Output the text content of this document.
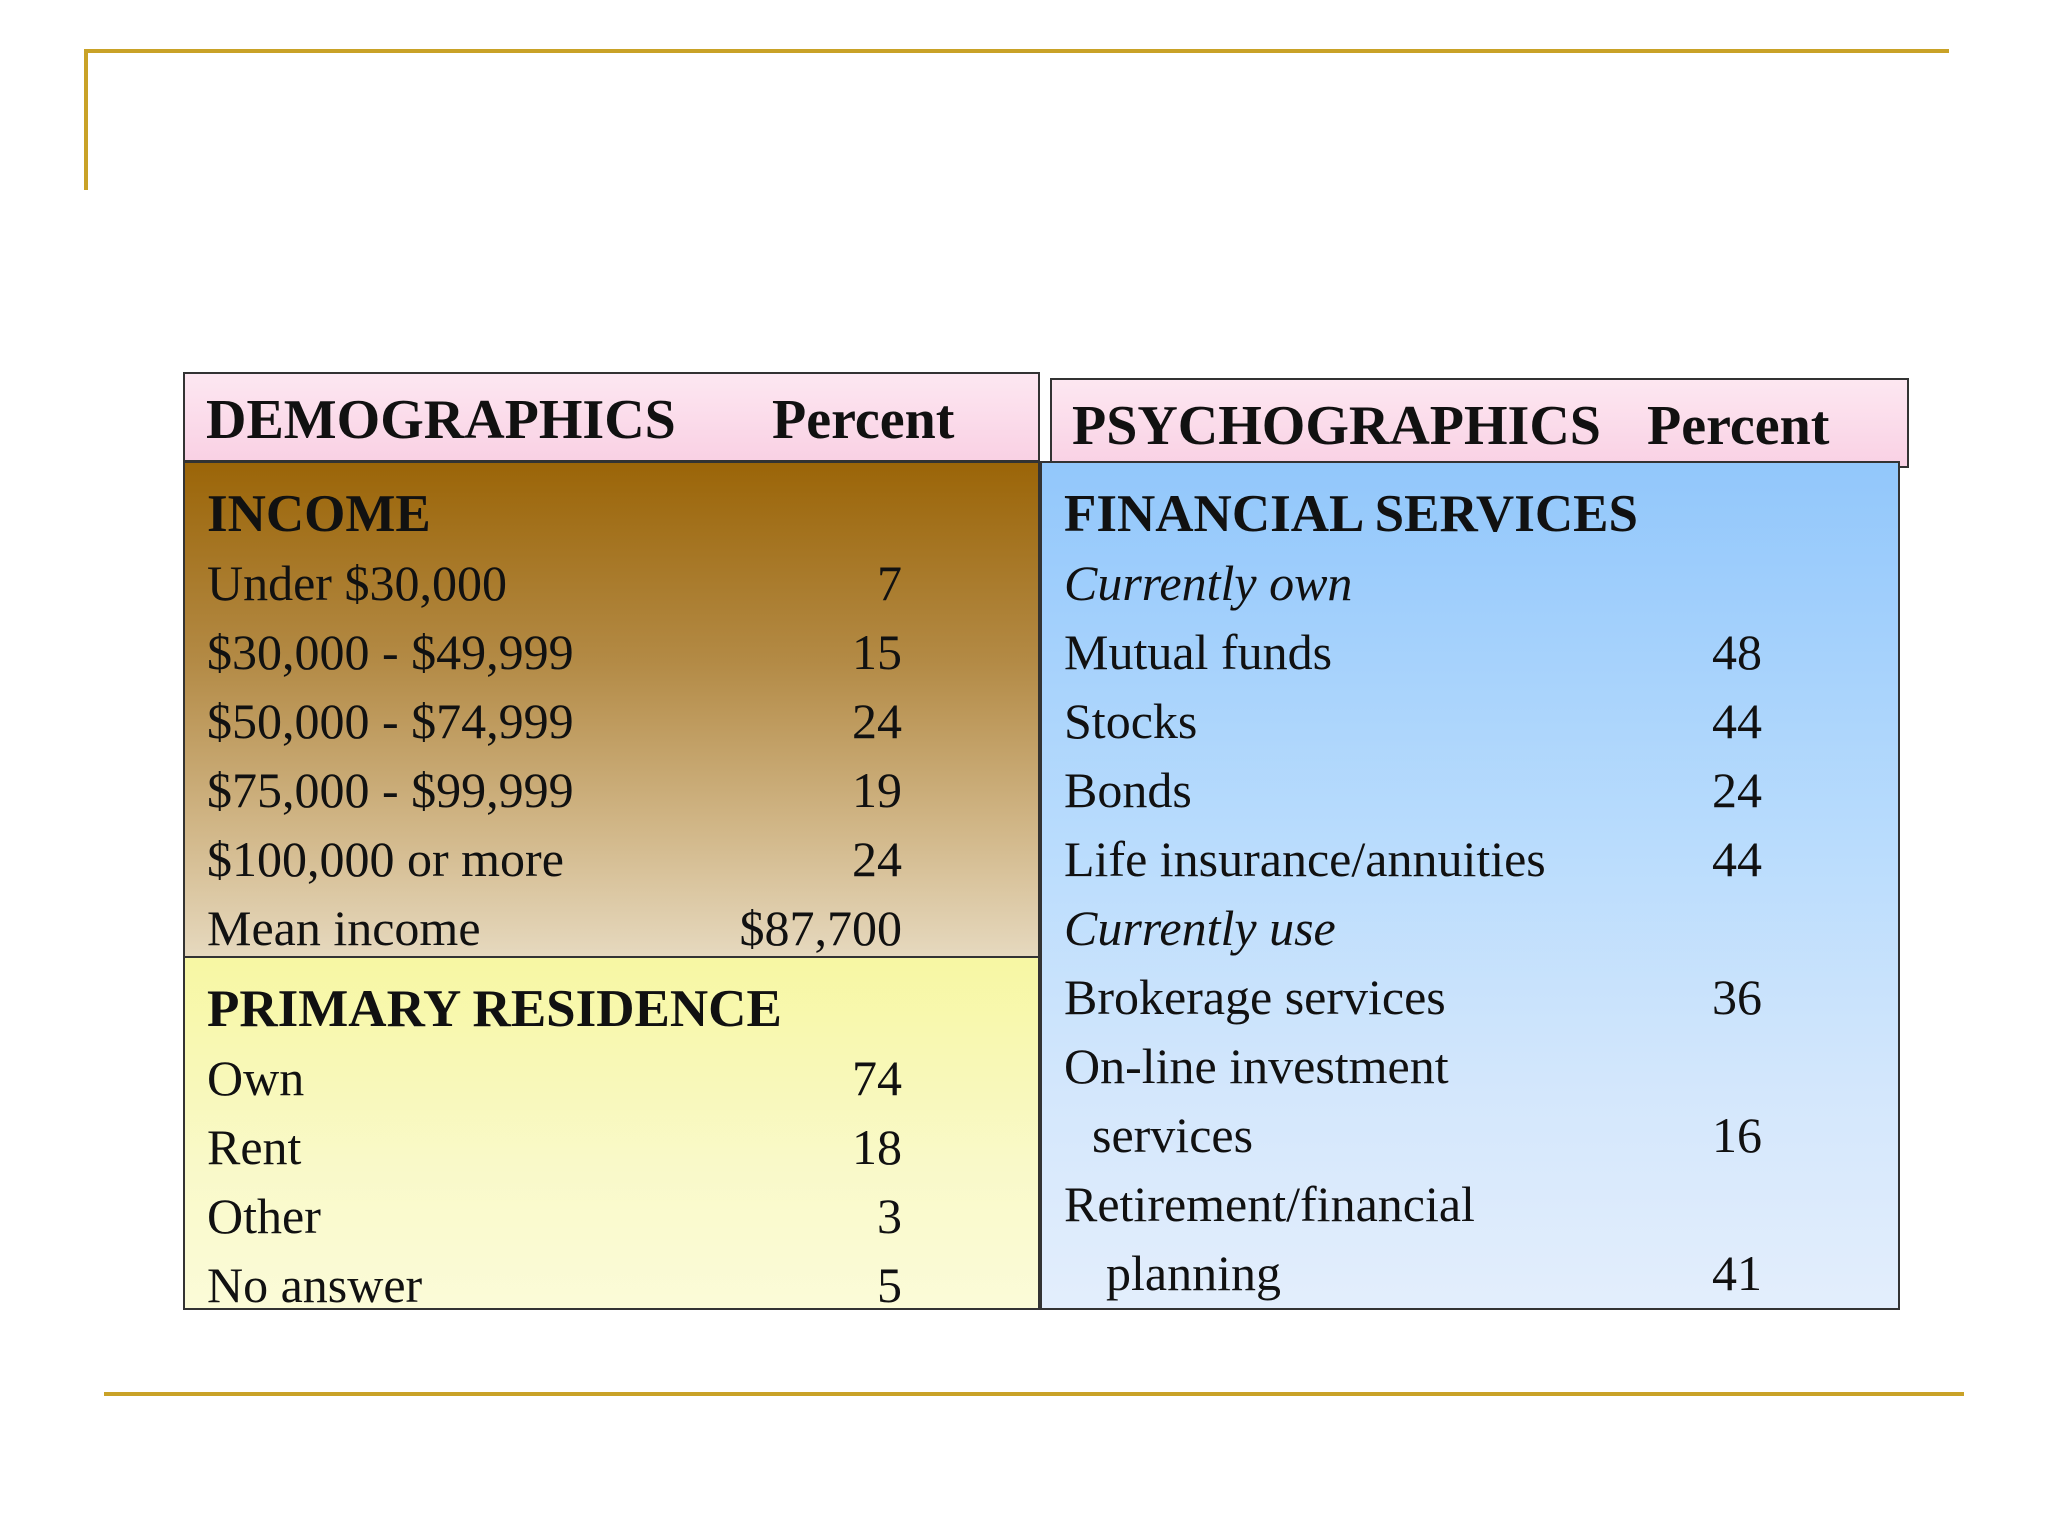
DEMOGRAPHICS Percent PSYCHOGRAPHICS Percent
INCOME
Under $30,000	7
$30,000 - $49,999	15
$50,000 - $74,999	24
$75,000 - $99,999	19
$100,000 or more	24
Mean income	$87,700
PRIMARY RESIDENCE
Own	74
Rent	18
Other	3
No answer	5
FINANCIAL SERVICES
Currently own
Mutual funds	48
Stocks	44
Bonds	24
Life insurance/annuities	44
Currently use
Brokerage services	36
On-line investment
services	16
Retirement/financial
planning	41
